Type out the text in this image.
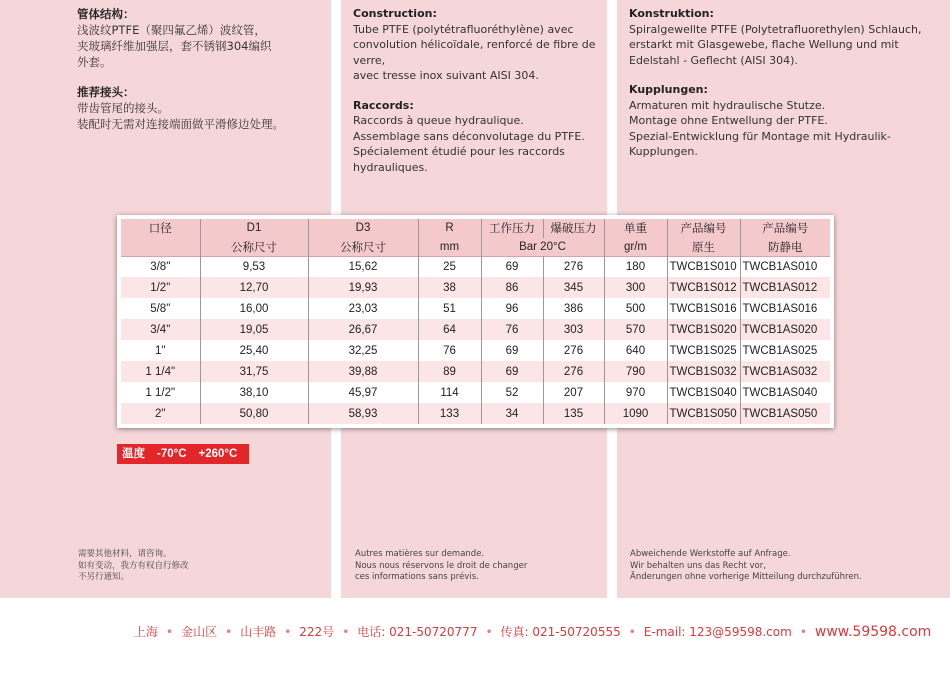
管体结构：
浅波纹PTFE（聚四氟乙烯）波纹管，
夹玻璃纤维加强层，套不锈钢304编织
外套。
推荐接头：
带齿管尾的接头。
装配时无需对连接端面做平滑修边处理。
Construction:
Tube PTFE (polytétrafluoréthylène) avec
convolution hélicoïdale, renforcé de fibre de verre,
avec tresse inox suivant AISI 304.
Raccords:
Raccords à queue hydraulique.
Assemblage sans déconvolutage du PTFE.
Spécialement étudié pour les raccords
hydrauliques.
Konstruktion:
Spiralgewellte PTFE (Polytetrafluorethylen) Schlauch,
erstarkt mit Glasgewebe, flache Wellung und mit
Edelstahl - Geflecht (AISI 304).
Kupplungen:
Armaturen mit hydraulische Stutze.
Montage ohne Entwellung der PTFE.
Spezial-Entwicklung für Montage mit Hydraulik-
Kupplungen.
口径	D1	D3	R	工作压力	爆破压力	单重	产品编号	产品编号
	公称尺寸	公称尺寸	mm	Bar 20°C		gr/m	原生	防静电
3/8"	9,53	15,62	25	69	276	180	TWCB1S010	TWCB1AS010
1/2"	12,70	19,93	38	86	345	300	TWCB1S012	TWCB1AS012
5/8"	16,00	23,03	51	96	386	500	TWCB1S016	TWCB1AS016
3/4"	19,05	26,67	64	76	303	570	TWCB1S020	TWCB1AS020
1"	25,40	32,25	76	69	276	640	TWCB1S025	TWCB1AS025
1 1/4"	31,75	39,88	89	69	276	790	TWCB1S032	TWCB1AS032
1 1/2"	38,10	45,97	114	52	207	970	TWCB1S040	TWCB1AS040
2"	50,80	58,93	133	34	135	1090	TWCB1S050	TWCB1AS050
温度 -70°C +260°C
需要其他材料，请咨询。
如有变动，我方有权自行修改
不另行通知。
Autres matières sur demande.
Nous nous réservons le droit de changer
ces informations sans prévis.
Abweichende Werkstoffe auf Anfrage.
Wir behalten uns das Recht vor,
Änderungen ohne vorherige Mitteilung durchzuführen.
上海 • 金山区 • 山丰路 • 222号 • 电话: 021-50720777 • 传真: 021-50720555 • E-mail: 123@59598.com • www.59598.com
